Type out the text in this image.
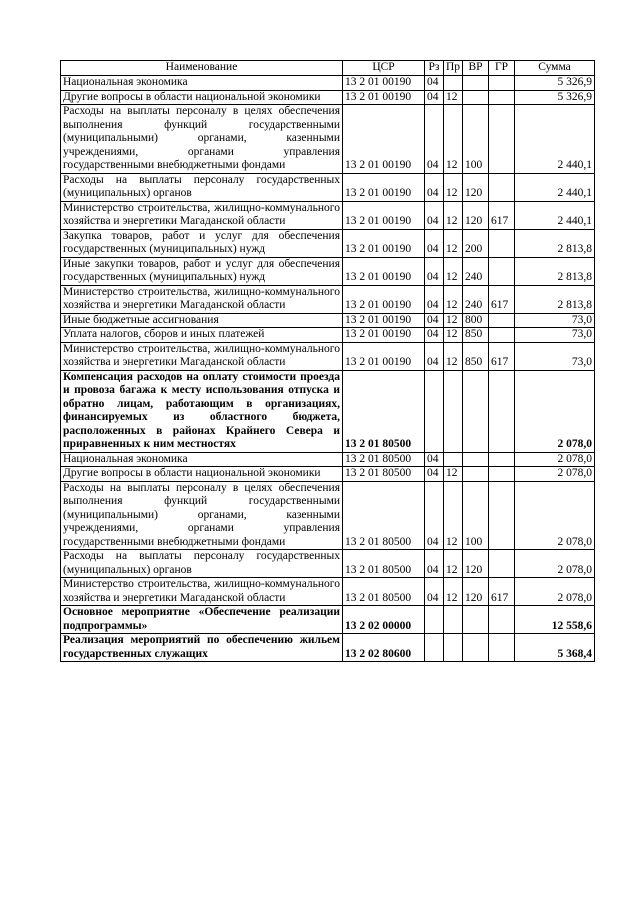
Наименование	ЦСР	Рз	Пр	ВР	ГР	Сумма
Национальная экономика	13 2 01 00190	04				5 326,9
Другие вопросы в области национальной экономики	13 2 01 00190	04	12			5 326,9
Расходы на выплаты персоналу в целях обеспечения выполнения функций государственными (муниципальными) органами, казенными учреждениями, органами управления государственными внебюджетными фондами	13 2 01 00190	04	12	100		2 440,1
Расходы на выплаты персоналу государственных (муниципальных) органов	13 2 01 00190	04	12	120		2 440,1
Министерство строительства, жилищно-коммунального хозяйства и энергетики Магаданской области	13 2 01 00190	04	12	120	617	2 440,1
Закупка товаров, работ и услуг для обеспечения государственных (муниципальных) нужд	13 2 01 00190	04	12	200		2 813,8
Иные закупки товаров, работ и услуг для обеспечения государственных (муниципальных) нужд	13 2 01 00190	04	12	240		2 813,8
Министерство строительства, жилищно-коммунального хозяйства и энергетики Магаданской области	13 2 01 00190	04	12	240	617	2 813,8
Иные бюджетные ассигнования	13 2 01 00190	04	12	800		73,0
Уплата налогов, сборов и иных платежей	13 2 01 00190	04	12	850		73,0
Министерство строительства, жилищно-коммунального хозяйства и энергетики Магаданской области	13 2 01 00190	04	12	850	617	73,0
Компенсация расходов на оплату стоимости проезда и провоза багажа к месту использования отпуска и обратно лицам, работающим в организациях, финансируемых из областного бюджета, расположенных в районах Крайнего Севера и приравненных к ним местностях	13 2 01 80500					2 078,0
Национальная экономика	13 2 01 80500	04				2 078,0
Другие вопросы в области национальной экономики	13 2 01 80500	04	12			2 078,0
Расходы на выплаты персоналу в целях обеспечения выполнения функций государственными (муниципальными) органами, казенными учреждениями, органами управления государственными внебюджетными фондами	13 2 01 80500	04	12	100		2 078,0
Расходы на выплаты персоналу государственных (муниципальных) органов	13 2 01 80500	04	12	120		2 078,0
Министерство строительства, жилищно-коммунального хозяйства и энергетики Магаданской области	13 2 01 80500	04	12	120	617	2 078,0
Основное мероприятие «Обеспечение реализации подпрограммы»	13 2 02 00000					12 558,6
Реализация мероприятий по обеспечению жильем государственных служащих	13 2 02 80600					5 368,4
